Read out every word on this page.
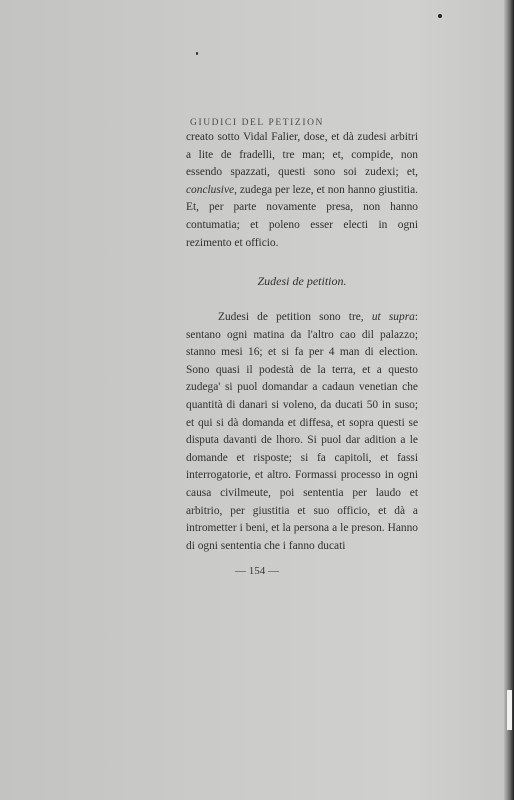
GIUDICI DEL PETIZION

creato sotto Vidal Falier, dose, et dà zudesi arbitri a lite de fradelli, tre man; et, compide, non essendo spazzati, questi sono soi zudexi; et, conclusive, zudega per leze, et non hanno giustitia. Et, per parte novamente presa, non hanno contumatia; et poleno esser electi in ogni rezimento et officio.

Zudesi de petition.

Zudesi de petition sono tre, ut supra: sentano ogni matina da l'altro cao dil palazzo; stanno mesi 16; et si fa per 4 man di election. Sono quasi il podestà de la terra, et a questo zudega' si puol domandar a cadaun venetian che quantità di danari si voleno, da ducati 50 in suso; et qui si dà domanda et diffesa, et sopra questi se disputa davanti de lhoro. Si puol dar adition a le domande et risposte; si fa capitoli, et fassi interrogatorie, et altro. Formassi processo in ogni causa civilmeute, poi sententia per laudo et arbitrio, per giustitia et suo officio, et dà a intrometter i beni, et la persona a le preson. Hanno di ogni sententia che i fanno ducati

— 154 —
